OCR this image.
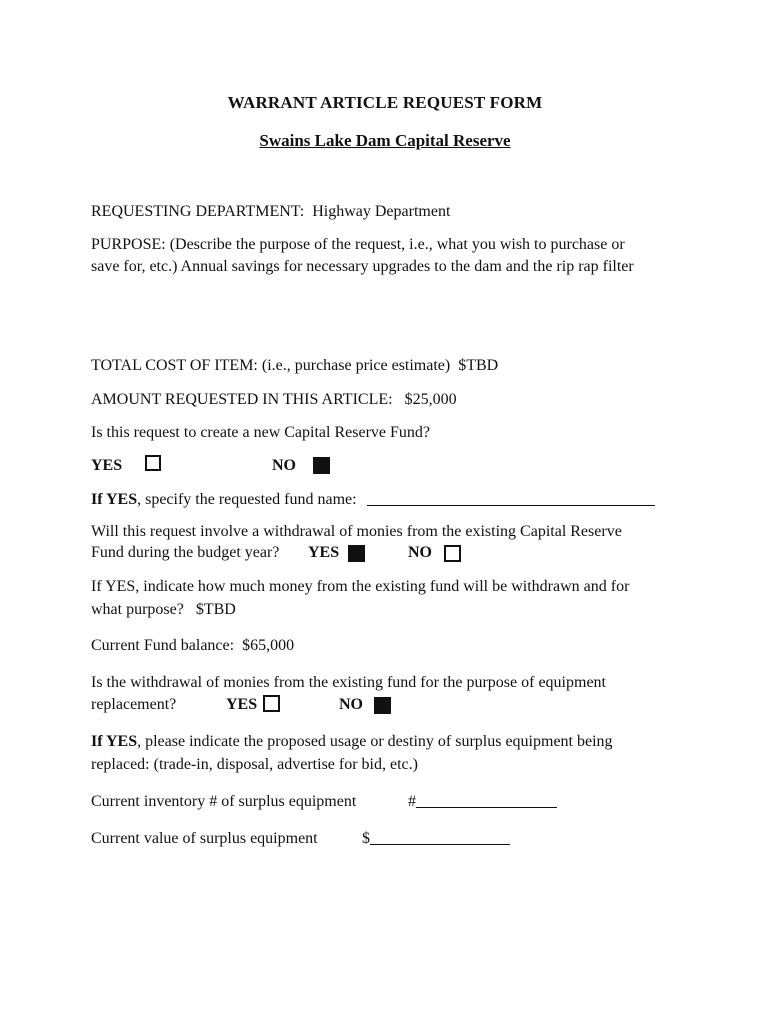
WARRANT ARTICLE REQUEST FORM
Swains Lake Dam Capital Reserve
REQUESTING DEPARTMENT: Highway Department
PURPOSE: (Describe the purpose of the request, i.e., what you wish to purchase or
save for, etc.) Annual savings for necessary upgrades to the dam and the rip rap filter
TOTAL COST OF ITEM: (i.e., purchase price estimate) $TBD
AMOUNT REQUESTED IN THIS ARTICLE: $25,000
Is this request to create a new Capital Reserve Fund?
YES	NO
If YES, specify the requested fund name:
Will this request involve a withdrawal of monies from the existing Capital Reserve
Fund during the budget year? YES	NO
If YES, indicate how much money from the existing fund will be withdrawn and for
what purpose? $TBD
Current Fund balance: $65,000
Is the withdrawal of monies from the existing fund for the purpose of equipment
replacement?	YES	NO
If YES, please indicate the proposed usage or destiny of surplus equipment being
replaced: (trade-in, disposal, advertise for bid, etc.)
Current inventory # of surplus equipment	#
Current value of surplus equipment	$
